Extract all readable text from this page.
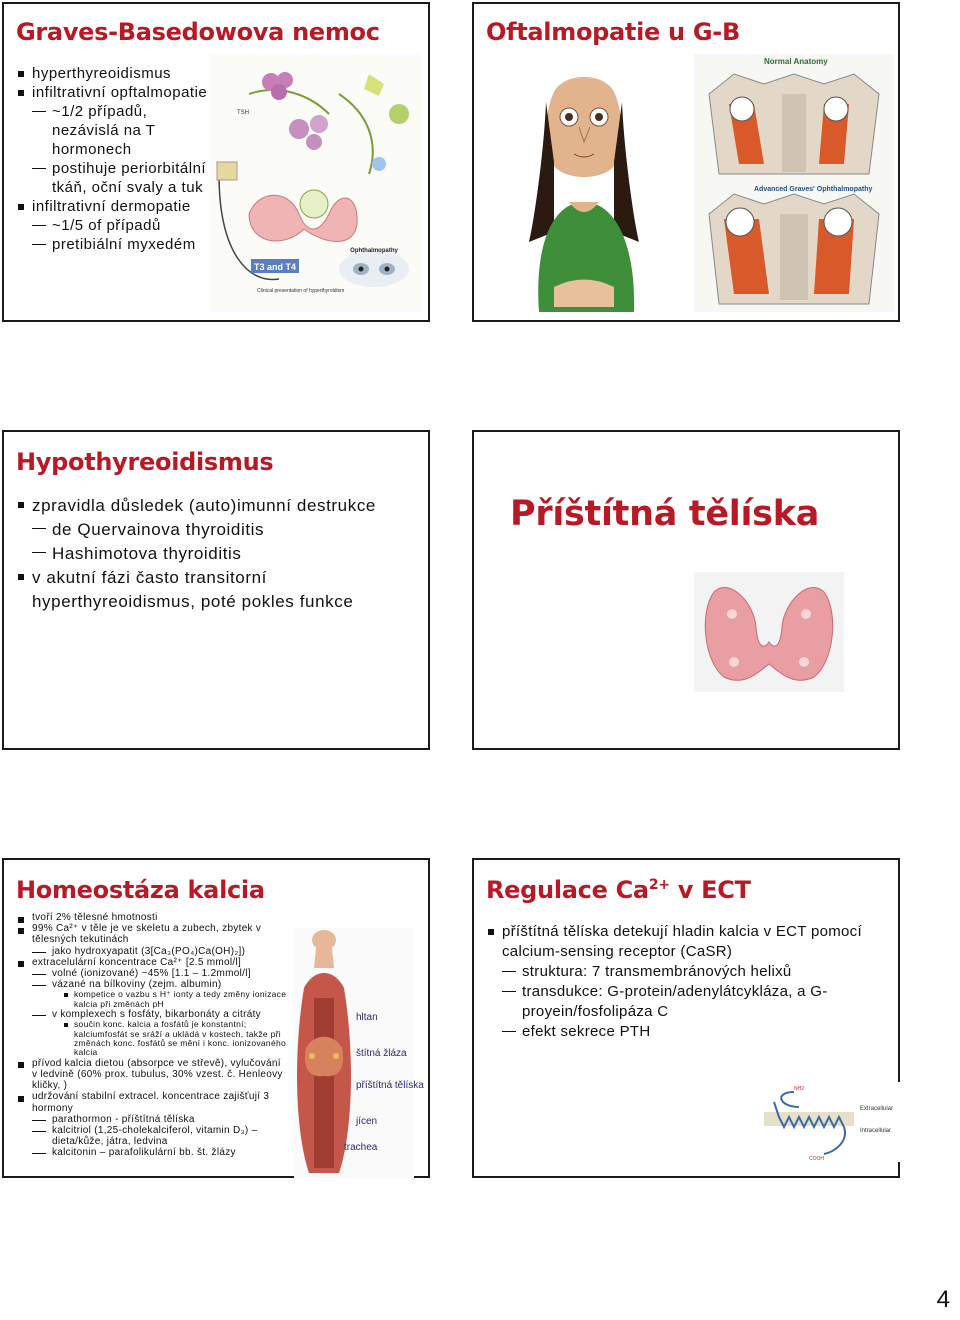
Graves-Basedowova nemoc
hyperthyreoidismus
infiltrativní opftalmopatie
~1/2 případů, nezávislá na T hormonech
postihuje periorbitální tkáň, oční svaly a tuk
infiltrativní dermopatie
~1/5 of případů
pretibiální myxedém
T3 and T4
TSH
Clinical presentation of hyperthyroidism
Ophthalmopathy
Oftalmopatie u G-B
Normal Anatomy
Advanced Graves' Ophthalmopathy
Hypothyreoidismus
zpravidla důsledek (auto)imunní destrukce
de Quervainova thyroiditis
Hashimotova thyroiditis
v akutní fázi často transitorní hyperthyreoidismus, poté pokles funkce
Příštítná tělíska
Homeostáza kalcia
tvoří 2% tělesné hmotnosti
99% Ca²⁺ v těle je ve skeletu a zubech, zbytek v tělesných tekutinách
jako hydroxyapatit (3[Ca₃(PO₄)Ca(OH)₂])
extracelulární koncentrace Ca²⁺ [2.5 mmol/l]
volné (ionizované) ~45% [1.1 – 1.2mmol/l]
vázané na bílkoviny (zejm. albumin)
kompetice o vazbu s H⁺ ionty a tedy změny ionizace kalcia při změnách pH
v komplexech s fosfáty, bikarbonáty a citráty
součin konc. kalcia a fosfátů je konstantní; kalciumfosfát se sráží a ukládá v kostech, takže při změnách konc. fosfátů se mění i konc. ionizovaného kalcia
přívod kalcia dietou (absorpce ve střevě), vylučování v ledvině (60% prox. tubulus, 30% vzest. č. Henleovy kličky, )
udržování stabilní extracel. koncentrace zajišťují 3 hormony
parathormon - příštítná tělíska
kalcitriol (1,25-cholekalciferol, vitamin D₃) – dieta/kůže, játra, ledvina
kalcitonin – parafolikulární bb. št. žlázy
hltan
štítná žláza
příštítná tělíska
jícen
trachea
Regulace $Ca^{2+}$ v ECT
příštítná tělíska detekují hladin kalcia v ECT pomocí calcium-sensing receptor (CaSR)
struktura: 7 transmembránových helixů
transdukce: G-protein/adenylátcykláza, a G-proyein/fosfolipáza C
efekt sekrece PTH
NH2
Extracellular
Intracellular
COOH
4
